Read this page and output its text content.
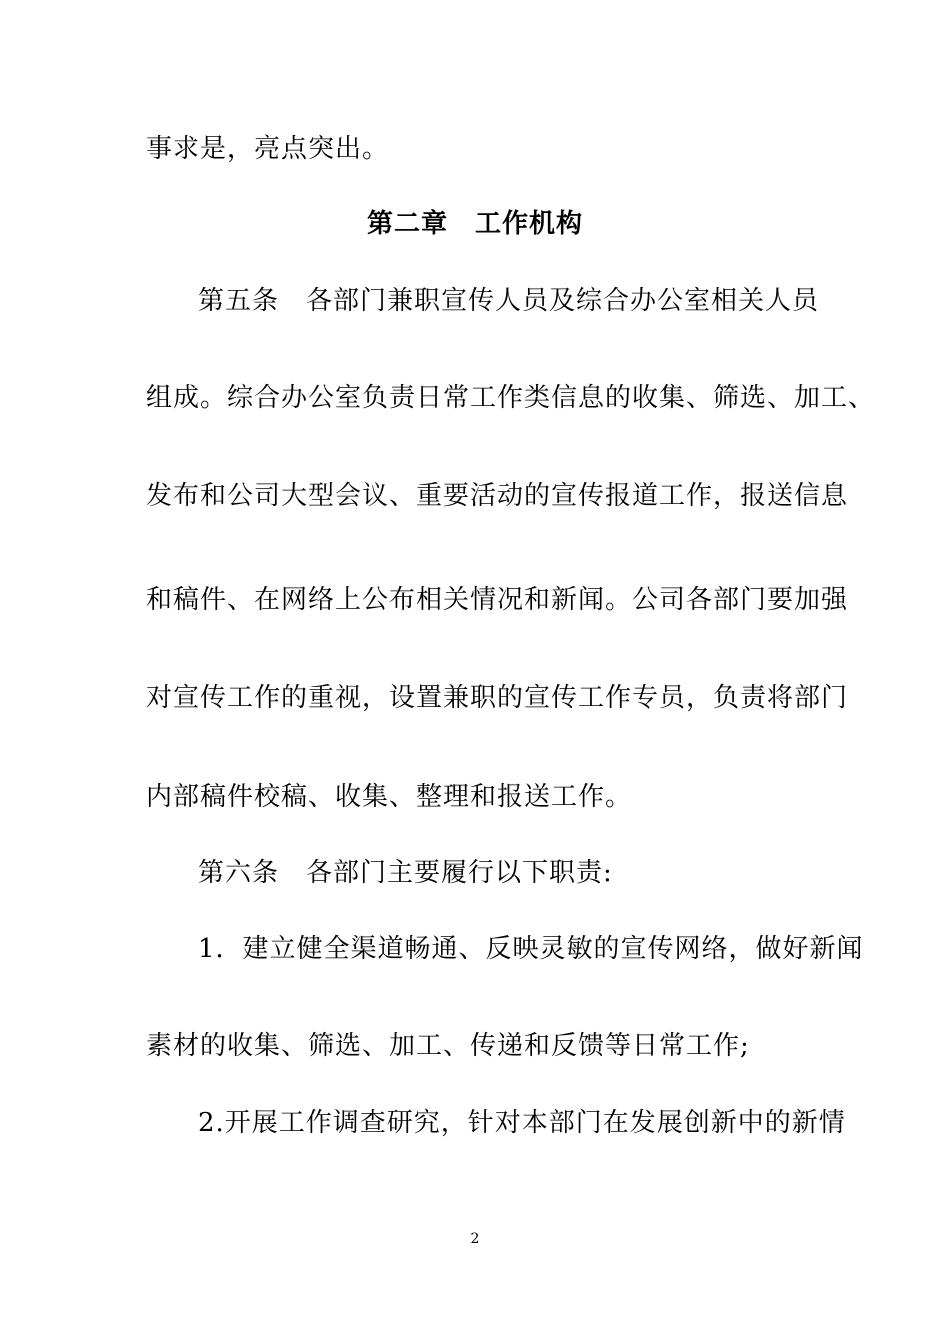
事求是，亮点突出。
第二章　工作机构
第五条　各部门兼职宣传人员及综合办公室相关人员
组成。综合办公室负责日常工作类信息的收集、筛选、加工、
发布和公司大型会议、重要活动的宣传报道工作，报送信息
和稿件、在网络上公布相关情况和新闻。公司各部门要加强
对宣传工作的重视，设置兼职的宣传工作专员，负责将部门
内部稿件校稿、收集、整理和报送工作。
第六条　各部门主要履行以下职责:
1．建立健全渠道畅通、反映灵敏的宣传网络，做好新闻
素材的收集、筛选、加工、传递和反馈等日常工作;
2.开展工作调查研究，针对本部门在发展创新中的新情
2
